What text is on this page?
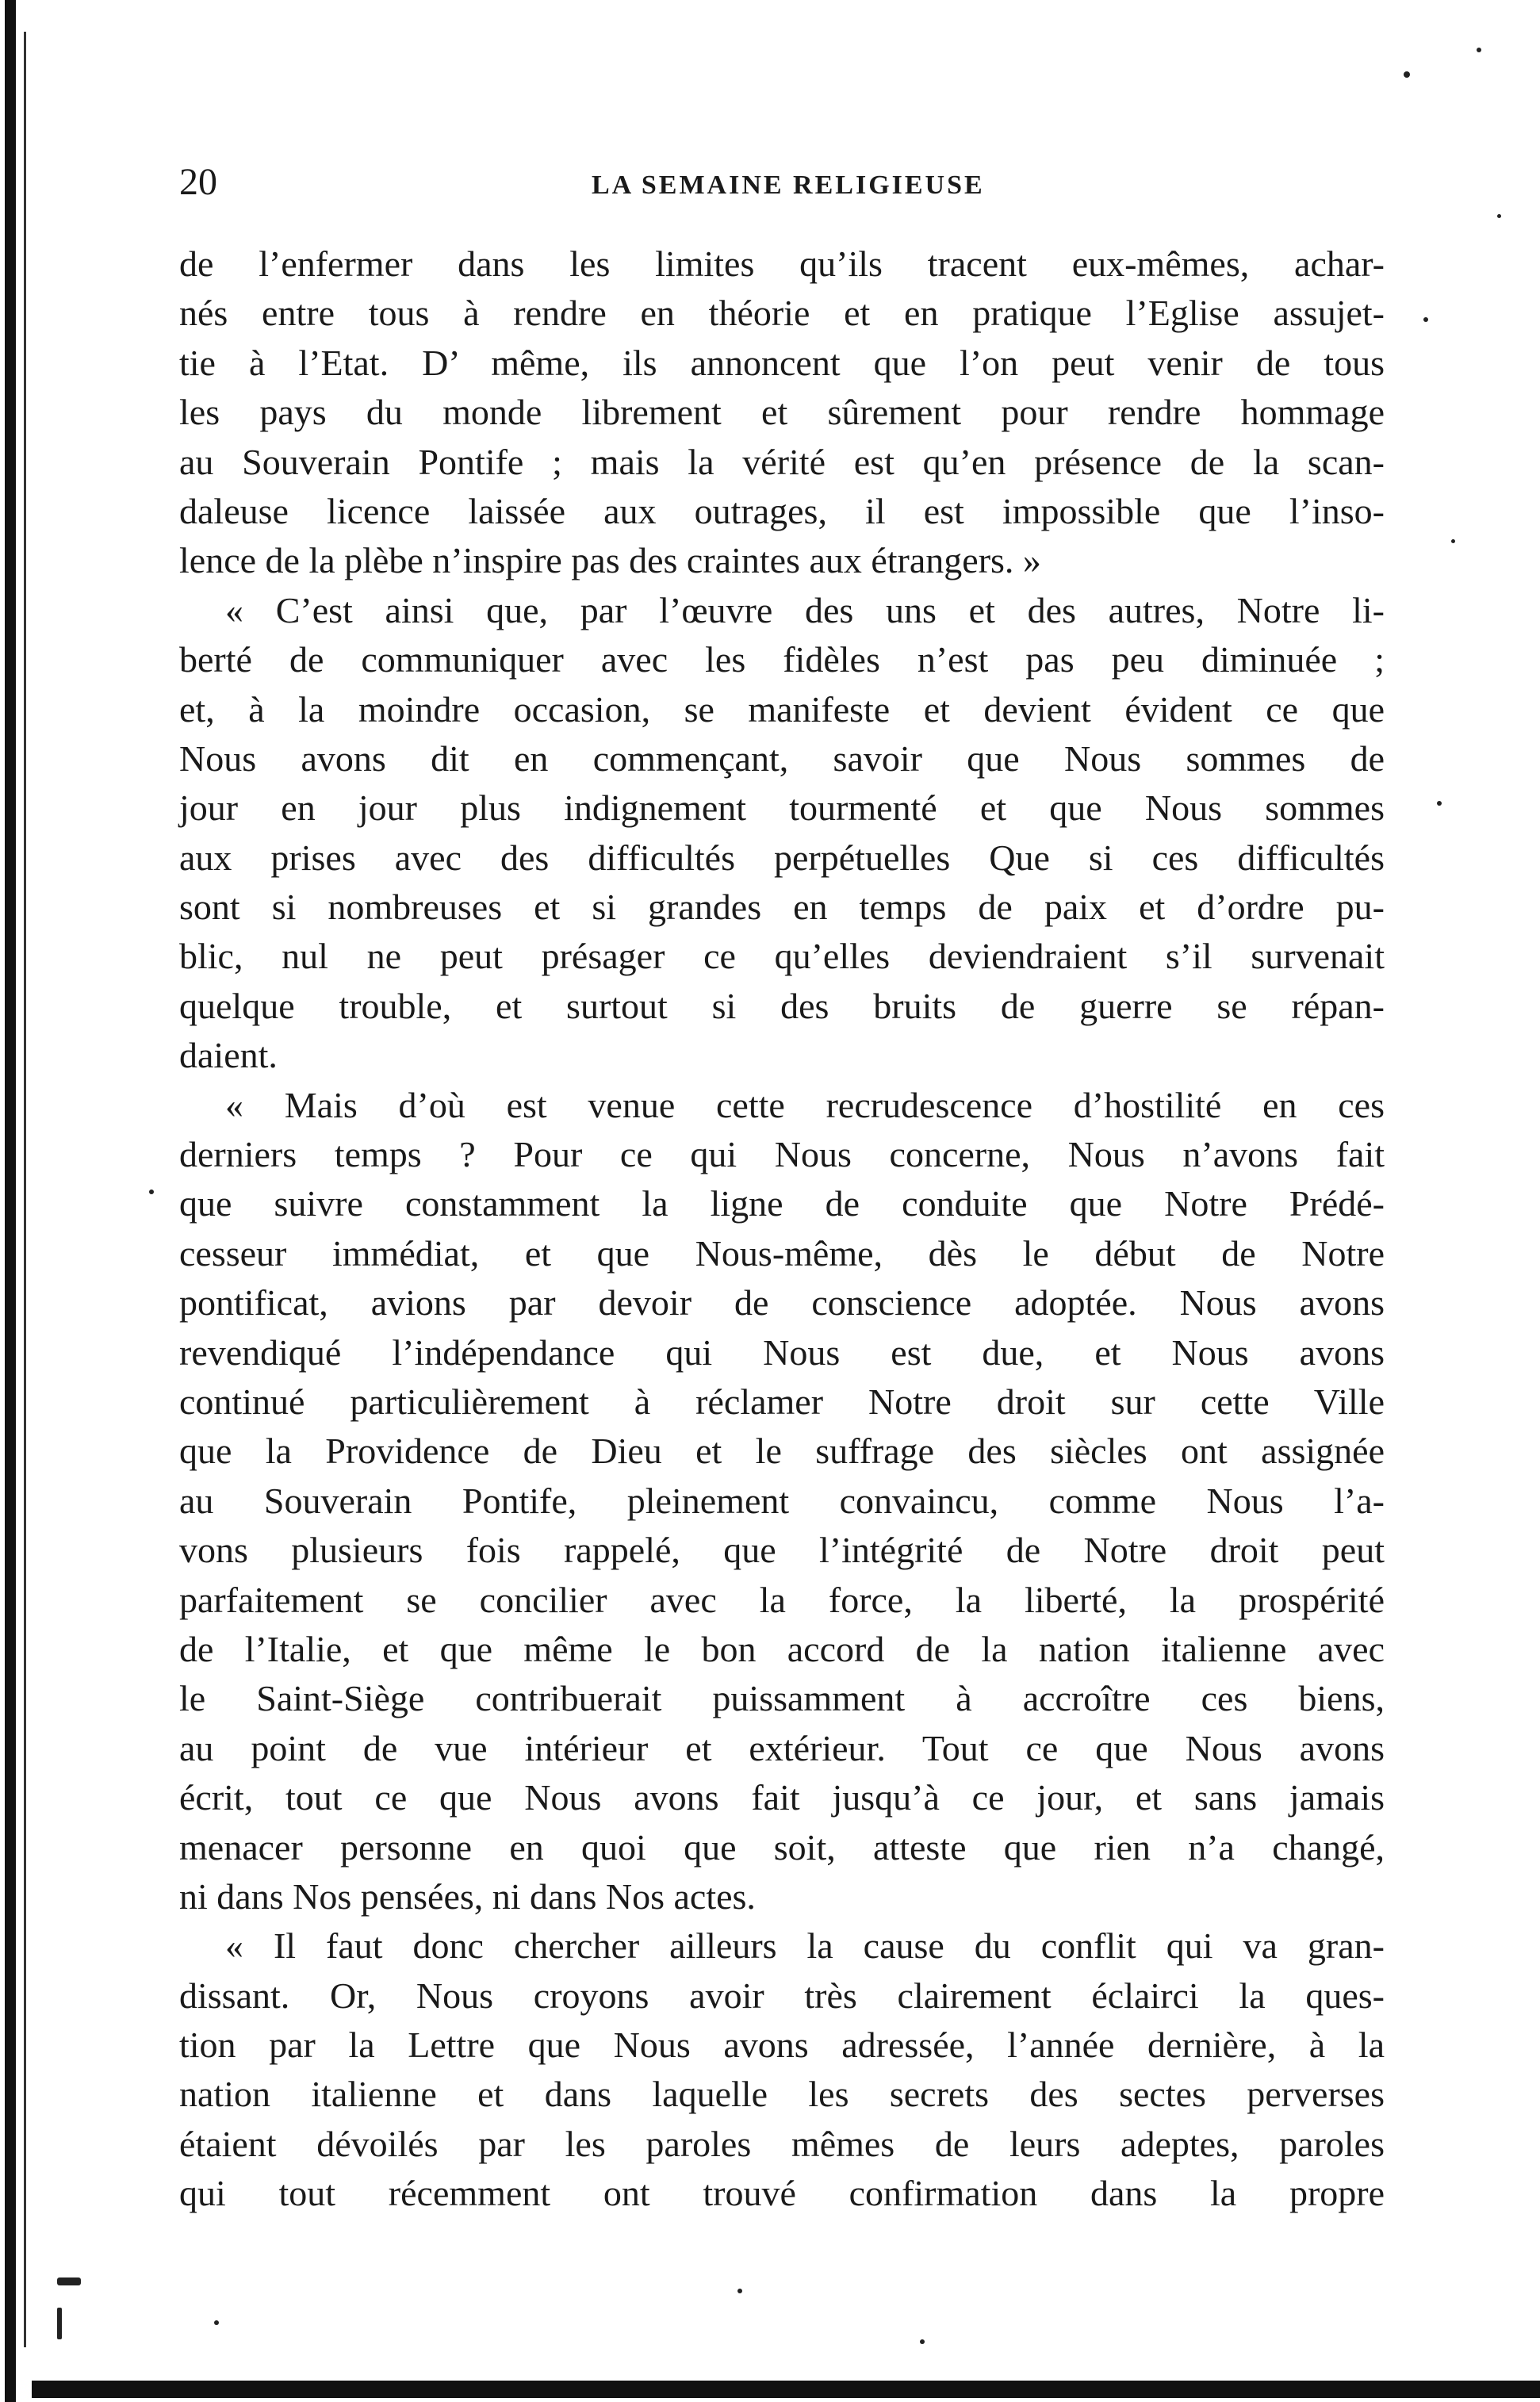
20	LA SEMAINE RELIGIEUSE
de l’enfermer dans les limites qu’ils tracent eux-mêmes, achar-
nés entre tous à rendre en théorie et en pratique l’Eglise assujet-
tie à l’Etat. D’ même, ils annoncent que l’on peut venir de tous
les pays du monde librement et sûrement pour rendre hommage
au Souverain Pontife ; mais la vérité est qu’en présence de la scan-
daleuse licence laissée aux outrages, il est impossible que l’inso-
lence de la plèbe n’inspire pas des craintes aux étrangers. »
« C’est ainsi que, par l’œuvre des uns et des autres, Notre li-
berté de communiquer avec les fidèles n’est pas peu diminuée ;
et, à la moindre occasion, se manifeste et devient évident ce que
Nous avons dit en commençant, savoir que Nous sommes de
jour en jour plus indignement tourmenté et que Nous sommes
aux prises avec des difficultés perpétuelles Que si ces difficultés
sont si nombreuses et si grandes en temps de paix et d’ordre pu-
blic, nul ne peut présager ce qu’elles deviendraient s’il survenait
quelque trouble, et surtout si des bruits de guerre se répan-
daient.
« Mais d’où est venue cette recrudescence d’hostilité en ces
derniers temps ? Pour ce qui Nous concerne, Nous n’avons fait
que suivre constamment la ligne de conduite que Notre Prédé-
cesseur immédiat, et que Nous-même, dès le début de Notre
pontificat, avions par devoir de conscience adoptée. Nous avons
revendiqué l’indépendance qui Nous est due, et Nous avons
continué particulièrement à réclamer Notre droit sur cette Ville
que la Providence de Dieu et le suffrage des siècles ont assignée
au Souverain Pontife, pleinement convaincu, comme Nous l’a-
vons plusieurs fois rappelé, que l’intégrité de Notre droit peut
parfaitement se concilier avec la force, la liberté, la prospérité
de l’Italie, et que même le bon accord de la nation italienne avec
le Saint-Siège contribuerait puissamment à accroître ces biens,
au point de vue intérieur et extérieur. Tout ce que Nous avons
écrit, tout ce que Nous avons fait jusqu’à ce jour, et sans jamais
menacer personne en quoi que soit, atteste que rien n’a changé,
ni dans Nos pensées, ni dans Nos actes.
« Il faut donc chercher ailleurs la cause du conflit qui va gran-
dissant. Or, Nous croyons avoir très clairement éclairci la ques-
tion par la Lettre que Nous avons adressée, l’année dernière, à la
nation italienne et dans laquelle les secrets des sectes perverses
étaient dévoilés par les paroles mêmes de leurs adeptes, paroles
qui tout récemment ont trouvé confirmation dans la propre
